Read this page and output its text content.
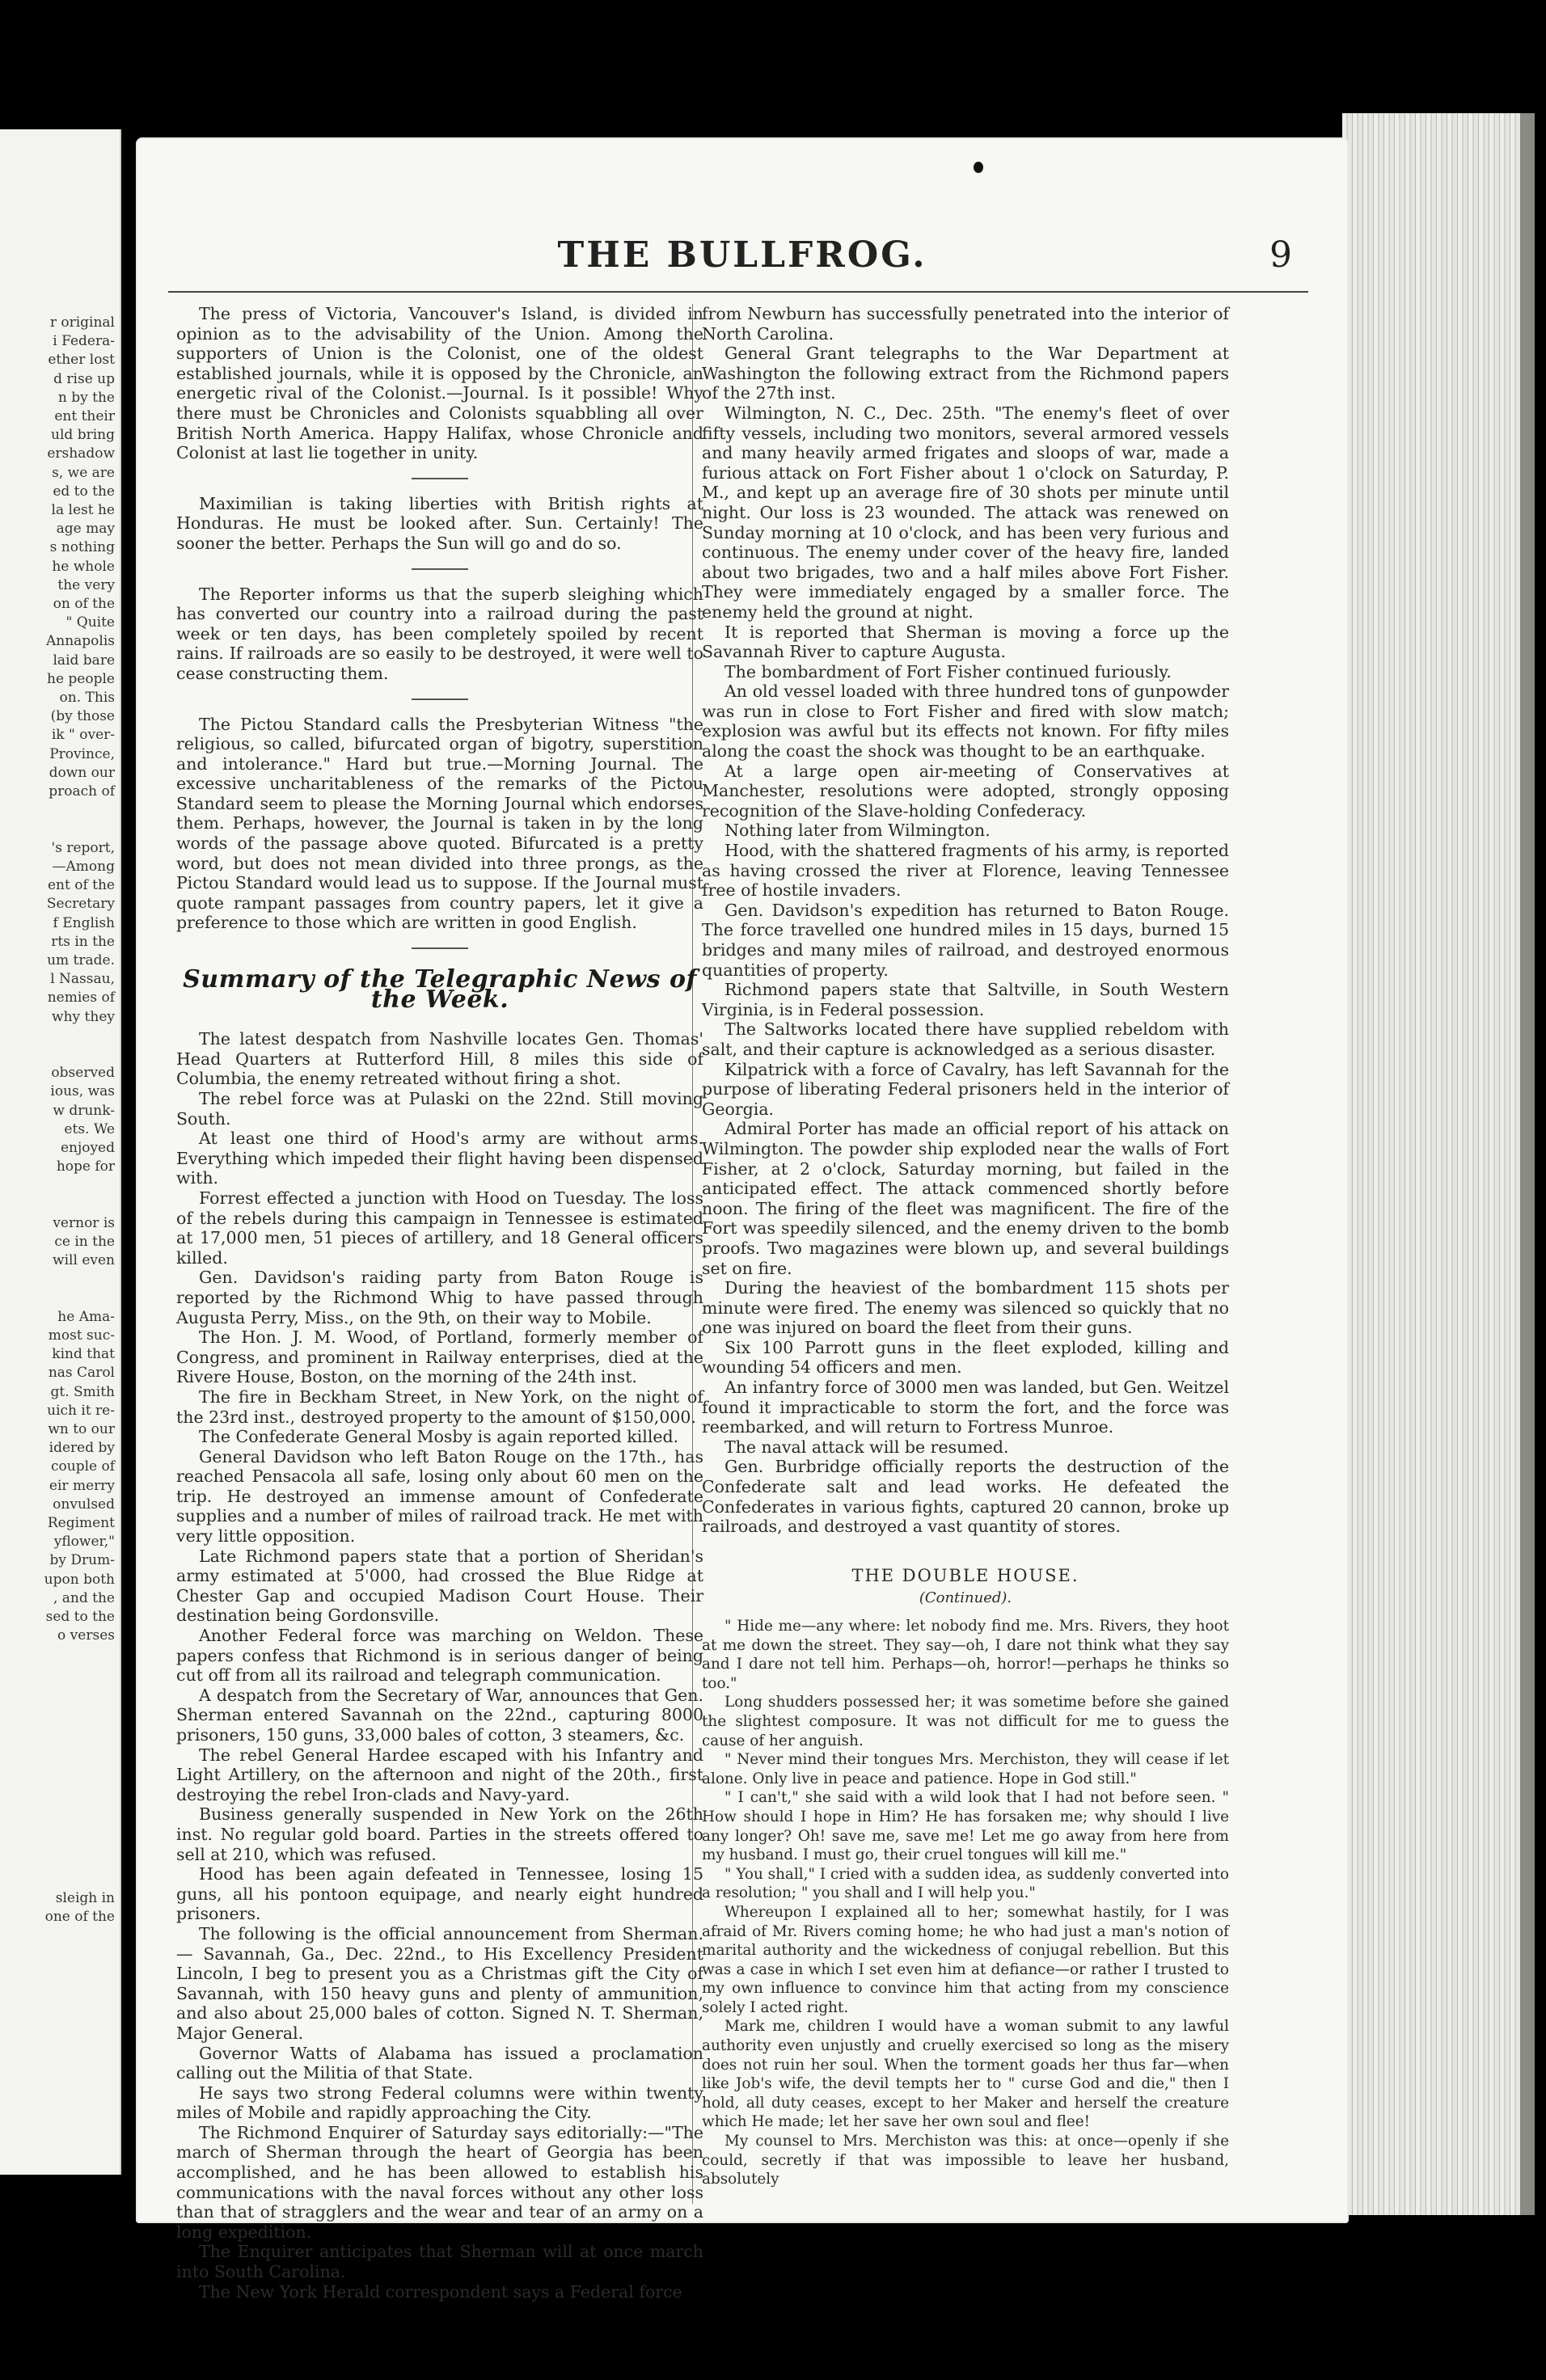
r original
i Federa-
ether lost
d rise up
n by the
ent their
uld bring
ershadow
s, we are
ed to the
la lest he
age may
s nothing
he whole
the very
on of the
" Quite
Annapolis
laid bare
he people
on. This
(by those
ik " over-
Province,
down our
proach of

's report,
—Among
ent of the
Secretary
f English
rts in the
um trade.
l Nassau,
nemies of
why they

observed
ious, was
w drunk-
ets. We
enjoyed
hope for

vernor is
ce in the
will even

he Ama-
most suc-
kind that
nas Carol
gt. Smith
uich it re-
wn to our
idered by
couple of
eir merry
onvulsed
Regiment
yflower,"
by Drum-
upon both
, and the
sed to the
o verses

sleigh in
one of the
THE BULLFROG.	9

The press of Victoria, Vancouver's Island, is divided in opinion as to the advisability of the Union. Among the supporters of Union is the Colonist, one of the oldest established journals, while it is opposed by the Chronicle, an energetic rival of the Colonist.—Journal. Is it possible! Why there must be Chronicles and Colonists squabbling all over British North America. Happy Halifax, whose Chronicle and Colonist at last lie together in unity.

Maximilian is taking liberties with British rights at Honduras. He must be looked after. Sun. Certainly! The sooner the better. Perhaps the Sun will go and do so.

The Reporter informs us that the superb sleighing which has converted our country into a railroad during the past week or ten days, has been completely spoiled by recent rains. If railroads are so easily to be destroyed, it were well to cease constructing them.

The Pictou Standard calls the Presbyterian Witness "the religious, so called, bifurcated organ of bigotry, superstition and intolerance." Hard but true.—Morning Journal. The excessive uncharitableness of the remarks of the Pictou Standard seem to please the Morning Journal which endorses them. Perhaps, however, the Journal is taken in by the long words of the passage above quoted. Bifurcated is a pretty word, but does not mean divided into three prongs, as the Pictou Standard would lead us to suppose. If the Journal must quote rampant passages from country papers, let it give a preference to those which are written in good English.

Summary of the Telegraphic News of the Week.

The latest despatch from Nashville locates Gen. Thomas' Head Quarters at Rutterford Hill, 8 miles this side of Columbia, the enemy retreated without firing a shot.

The rebel force was at Pulaski on the 22nd. Still moving South.

At least one third of Hood's army are without arms. Everything which impeded their flight having been dispensed with.

Forrest effected a junction with Hood on Tuesday. The loss of the rebels during this campaign in Tennessee is estimated at 17,000 men, 51 pieces of artillery, and 18 General officers killed.

Gen. Davidson's raiding party from Baton Rouge is reported by the Richmond Whig to have passed through Augusta Perry, Miss., on the 9th, on their way to Mobile.

The Hon. J. M. Wood, of Portland, formerly member of Congress, and prominent in Railway enterprises, died at the Rivere House, Boston, on the morning of the 24th inst.

The fire in Beckham Street, in New York, on the night of the 23rd inst., destroyed property to the amount of $150,000.

The Confederate General Mosby is again reported killed.

General Davidson who left Baton Rouge on the 17th., has reached Pensacola all safe, losing only about 60 men on the trip. He destroyed an immense amount of Confederate supplies and a number of miles of railroad track. He met with very little opposition.

Late Richmond papers state that a portion of Sheridan's army estimated at 5'000, had crossed the Blue Ridge at Chester Gap and occupied Madison Court House. Their destination being Gordonsville.

Another Federal force was marching on Weldon. These papers confess that Richmond is in serious danger of being cut off from all its railroad and telegraph communication.

A despatch from the Secretary of War, announces that Gen. Sherman entered Savannah on the 22nd., capturing 8000 prisoners, 150 guns, 33,000 bales of cotton, 3 steamers, &c.

The rebel General Hardee escaped with his Infantry and Light Artillery, on the afternoon and night of the 20th., first destroying the rebel Iron-clads and Navy-yard.

Business generally suspended in New York on the 26th inst. No regular gold board. Parties in the streets offered to sell at 210, which was refused.

Hood has been again defeated in Tennessee, losing 15 guns, all his pontoon equipage, and nearly eight hundred prisoners.

The following is the official announcement from Sherman.— Savannah, Ga., Dec. 22nd., to His Excellency President Lincoln, I beg to present you as a Christmas gift the City of Savannah, with 150 heavy guns and plenty of ammunition, and also about 25,000 bales of cotton. Signed N. T. Sherman, Major General.

Governor Watts of Alabama has issued a proclamation calling out the Militia of that State.

He says two strong Federal columns were within twenty miles of Mobile and rapidly approaching the City.

The Richmond Enquirer of Saturday says editorially:—"The march of Sherman through the heart of Georgia has been accomplished, and he has been allowed to establish his communications with the naval forces without any other loss than that of stragglers and the wear and tear of an army on a long expedition.

The Enquirer anticipates that Sherman will at once march into South Carolina.

The New York Herald correspondent says a Federal force

from Newburn has successfully penetrated into the interior of North Carolina.

General Grant telegraphs to the War Department at Washington the following extract from the Richmond papers of the 27th inst.

Wilmington, N. C., Dec. 25th. "The enemy's fleet of over fifty vessels, including two monitors, several armored vessels and many heavily armed frigates and sloops of war, made a furious attack on Fort Fisher about 1 o'clock on Saturday, P. M., and kept up an average fire of 30 shots per minute until night. Our loss is 23 wounded. The attack was renewed on Sunday morning at 10 o'clock, and has been very furious and continuous. The enemy under cover of the heavy fire, landed about two brigades, two and a half miles above Fort Fisher. They were immediately engaged by a smaller force. The enemy held the ground at night.

It is reported that Sherman is moving a force up the Savannah River to capture Augusta.

The bombardment of Fort Fisher continued furiously.

An old vessel loaded with three hundred tons of gunpowder was run in close to Fort Fisher and fired with slow match; explosion was awful but its effects not known. For fifty miles along the coast the shock was thought to be an earthquake.

At a large open air-meeting of Conservatives at Manchester, resolutions were adopted, strongly opposing recognition of the Slave-holding Confederacy.

Nothing later from Wilmington.

Hood, with the shattered fragments of his army, is reported as having crossed the river at Florence, leaving Tennessee free of hostile invaders.

Gen. Davidson's expedition has returned to Baton Rouge. The force travelled one hundred miles in 15 days, burned 15 bridges and many miles of railroad, and destroyed enormous quantities of property.

Richmond papers state that Saltville, in South Western Virginia, is in Federal possession.

The Saltworks located there have supplied rebeldom with salt, and their capture is acknowledged as a serious disaster.

Kilpatrick with a force of Cavalry, has left Savannah for the purpose of liberating Federal prisoners held in the interior of Georgia.

Admiral Porter has made an official report of his attack on Wilmington. The powder ship exploded near the walls of Fort Fisher, at 2 o'clock, Saturday morning, but failed in the anticipated effect. The attack commenced shortly before noon. The firing of the fleet was magnificent. The fire of the Fort was speedily silenced, and the enemy driven to the bomb proofs. Two magazines were blown up, and several buildings set on fire.

During the heaviest of the bombardment 115 shots per minute were fired. The enemy was silenced so quickly that no one was injured on board the fleet from their guns.

Six 100 Parrott guns in the fleet exploded, killing and wounding 54 officers and men.

An infantry force of 3000 men was landed, but Gen. Weitzel found it impracticable to storm the fort, and the force was reembarked, and will return to Fortress Munroe.

The naval attack will be resumed.

Gen. Burbridge officially reports the destruction of the Confederate salt and lead works. He defeated the Confederates in various fights, captured 20 cannon, broke up railroads, and destroyed a vast quantity of stores.

THE DOUBLE HOUSE.
(Continued).

" Hide me—any where: let nobody find me. Mrs. Rivers, they hoot at me down the street. They say—oh, I dare not think what they say and I dare not tell him. Perhaps—oh, horror!—perhaps he thinks so too."

Long shudders possessed her; it was sometime before she gained the slightest composure. It was not difficult for me to guess the cause of her anguish.

" Never mind their tongues Mrs. Merchiston, they will cease if let alone. Only live in peace and patience. Hope in God still."

" I can't," she said with a wild look that I had not before seen. " How should I hope in Him? He has forsaken me; why should I live any longer? Oh! save me, save me! Let me go away from here from my husband. I must go, their cruel tongues will kill me."

" You shall," I cried with a sudden idea, as suddenly converted into a resolution; " you shall and I will help you."

Whereupon I explained all to her; somewhat hastily, for I was afraid of Mr. Rivers coming home; he who had just a man's notion of marital authority and the wickedness of conjugal rebellion. But this was a case in which I set even him at defiance—or rather I trusted to my own influence to convince him that acting from my conscience solely I acted right.

Mark me, children I would have a woman submit to any lawful authority even unjustly and cruelly exercised so long as the misery does not ruin her soul. When the torment goads her thus far—when like Job's wife, the devil tempts her to " curse God and die," then I hold, all duty ceases, except to her Maker and herself the creature which He made; let her save her own soul and flee!

My counsel to Mrs. Merchiston was this: at once—openly if she could, secretly if that was impossible to leave her husband, absolutely
